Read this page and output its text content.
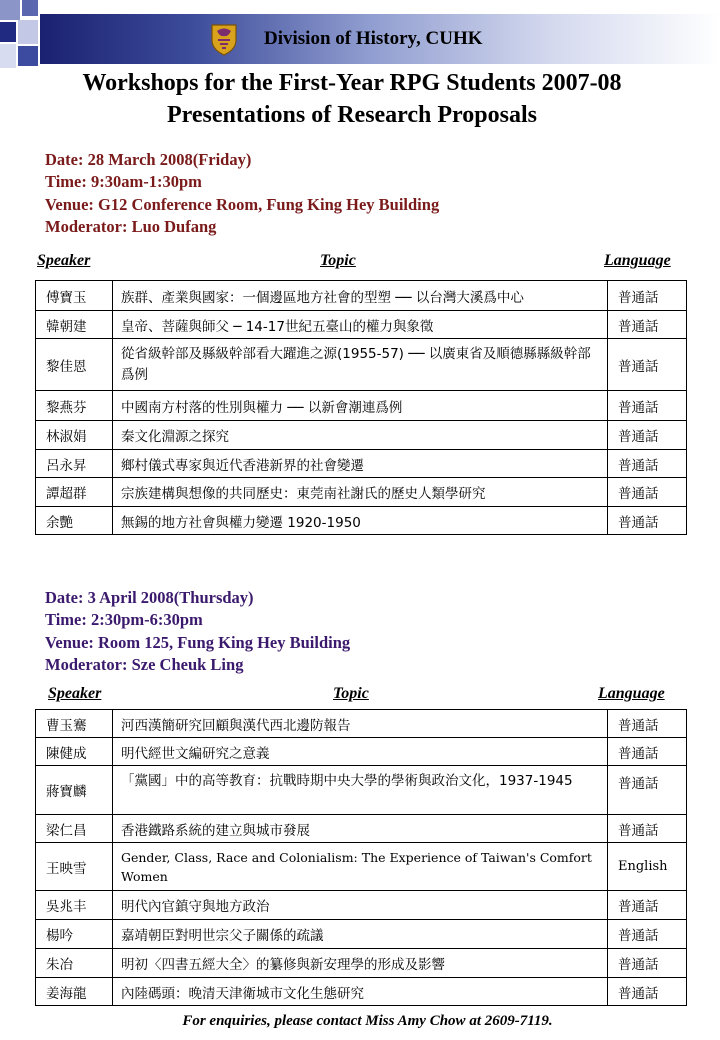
Division of History, CUHK
Workshops for the First-Year RPG Students 2007-08
Presentations of Research Proposals
Date: 28 March 2008(Friday)
Time: 9:30am-1:30pm
Venue: G12 Conference Room, Fung King Hey Building
Moderator: Luo Dufang
Speaker	Topic	Language
傅寶玉	族群、產業與國家：一個邊區地方社會的型塑 ── 以台灣大溪爲中心	普通話
韓朝建	皇帝、菩薩與師父 ─ 14-17世紀五臺山的權力與象徵	普通話
黎佳恩	從省級幹部及縣級幹部看大躍進之源(1955-57) ── 以廣東省及順德縣縣級幹部爲例	普通話
黎燕芬	中國南方村落的性別與權力 ── 以新會潮連爲例	普通話
林淑娟	秦文化淵源之探究	普通話
呂永昇	鄉村儀式專家與近代香港新界的社會變遷	普通話
譚超群	宗族建構與想像的共同歷史：東莞南社謝氏的歷史人類學研究	普通話
余艷	無錫的地方社會與權力變遷 1920-1950	普通話
Date: 3 April 2008(Thursday)
Time: 2:30pm-6:30pm
Venue: Room 125, Fung King Hey Building
Moderator: Sze Cheuk Ling
Speaker	Topic	Language
曹玉騫	河西漢簡研究回顧與漢代西北邊防報告	普通話
陳健成	明代經世文編研究之意義	普通話
蔣寶麟	「黨國」中的高等教育：抗戰時期中央大學的學術與政治文化，1937-1945	普通話
梁仁昌	香港鐵路系統的建立與城市發展	普通話
王映雪	Gender, Class, Race and Colonialism: The Experience of Taiwan's Comfort Women	English
吳兆丰	明代內官鎮守與地方政治	普通話
楊吟	嘉靖朝臣對明世宗父子關係的疏議	普通話
朱冶	明初〈四書五經大全〉的纂修與新安理學的形成及影響	普通話
姜海龍	內陸碼頭：晚清天津衛城市文化生態研究	普通話
For enquiries, please contact Miss Amy Chow at 2609-7119.
